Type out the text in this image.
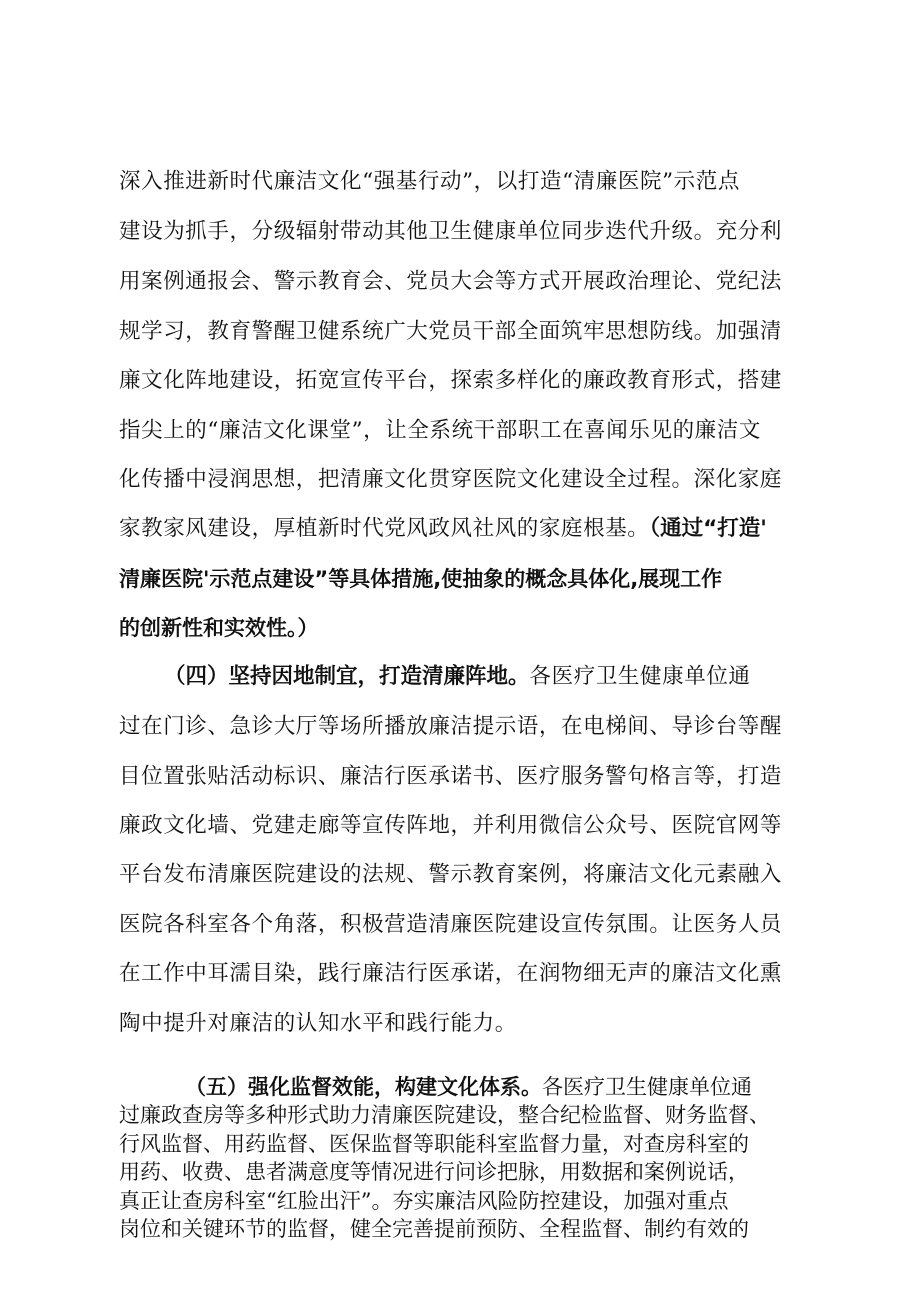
深入推进新时代廉洁文化“强基行动”，以打造“清廉医院”示范点
建设为抓手，分级辐射带动其他卫生健康单位同步迭代升级。充分利
用案例通报会、警示教育会、党员大会等方式开展政治理论、党纪法
规学习，教育警醒卫健系统广大党员干部全面筑牢思想防线。加强清
廉文化阵地建设，拓宽宣传平台，探索多样化的廉政教育形式，搭建
指尖上的“廉洁文化课堂”，让全系统干部职工在喜闻乐见的廉洁文
化传播中浸润思想，把清廉文化贯穿医院文化建设全过程。深化家庭
家教家风建设，厚植新时代党风政风社风的家庭根基。（通过“打造'
清廉医院'示范点建设”等具体措施,使抽象的概念具体化,展现工作
的创新性和实效性。）
（四）坚持因地制宜，打造清廉阵地。各医疗卫生健康单位通
过在门诊、急诊大厅等场所播放廉洁提示语，在电梯间、导诊台等醒
目位置张贴活动标识、廉洁行医承诺书、医疗服务警句格言等，打造
廉政文化墙、党建走廊等宣传阵地，并利用微信公众号、医院官网等
平台发布清廉医院建设的法规、警示教育案例，将廉洁文化元素融入
医院各科室各个角落，积极营造清廉医院建设宣传氛围。让医务人员
在工作中耳濡目染，践行廉洁行医承诺，在润物细无声的廉洁文化熏
陶中提升对廉洁的认知水平和践行能力。
（五）强化监督效能，构建文化体系。各医疗卫生健康单位通
过廉政查房等多种形式助力清廉医院建设，整合纪检监督、财务监督、
行风监督、用药监督、医保监督等职能科室监督力量，对查房科室的
用药、收费、患者满意度等情况进行问诊把脉，用数据和案例说话，
真正让查房科室“红脸出汗”。夯实廉洁风险防控建设，加强对重点
岗位和关键环节的监督，健全完善提前预防、全程监督、制约有效的
